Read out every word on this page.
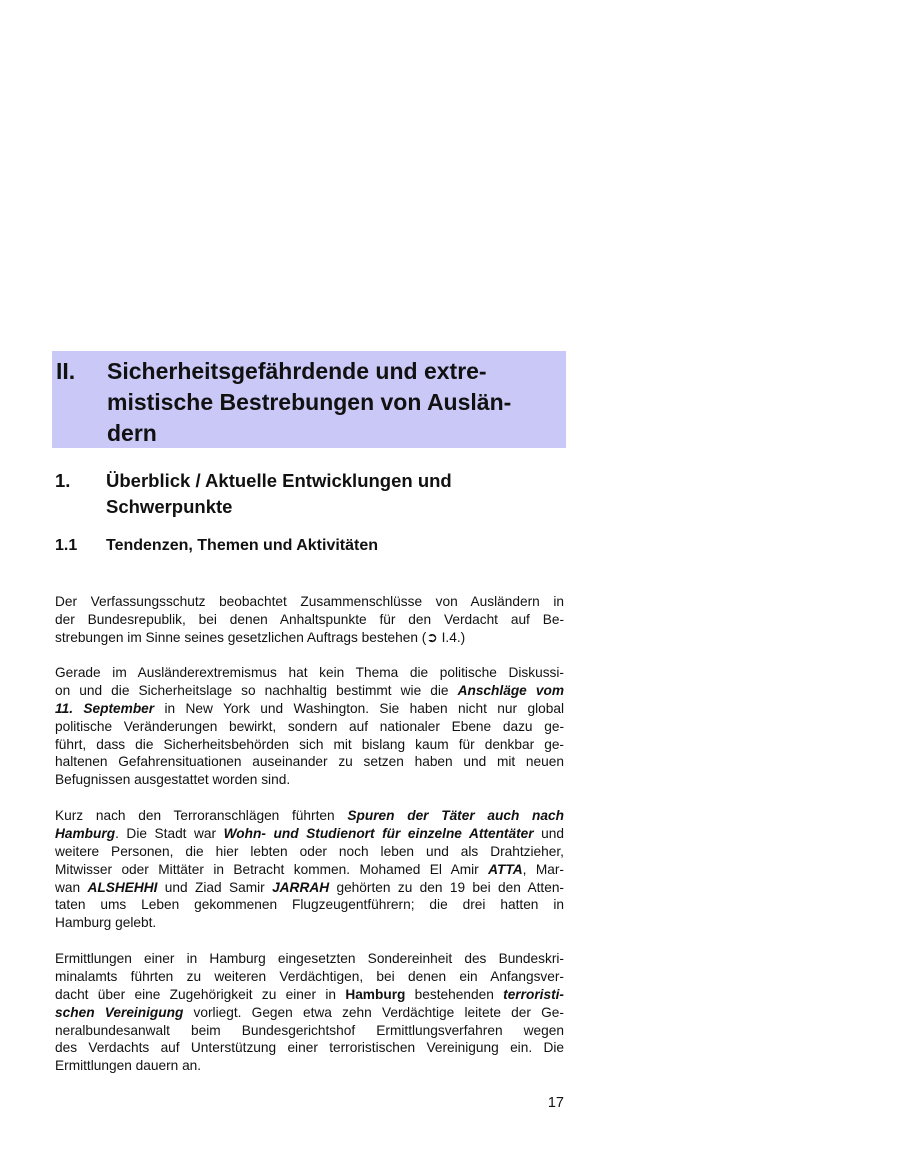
II. Sicherheitsgefährdende und extre-
mistische Bestrebungen von Auslän-
dern
1. Überblick / Aktuelle Entwicklungen und
Schwerpunkte
1.1 Tendenzen, Themen und Aktivitäten
Der Verfassungsschutz beobachtet Zusammenschlüsse von Ausländern in
der Bundesrepublik, bei denen Anhaltspunkte für den Verdacht auf Be-
strebungen im Sinne seines gesetzlichen Auftrags bestehen (➲ I.4.)
Gerade im Ausländerextremismus hat kein Thema die politische Diskussi-
on und die Sicherheitslage so nachhaltig bestimmt wie die Anschläge vom
11. September in New York und Washington. Sie haben nicht nur global
politische Veränderungen bewirkt, sondern auf nationaler Ebene dazu ge-
führt, dass die Sicherheitsbehörden sich mit bislang kaum für denkbar ge-
haltenen Gefahrensituationen auseinander zu setzen haben und mit neuen
Befugnissen ausgestattet worden sind.
Kurz nach den Terroranschlägen führten Spuren der Täter auch nach
Hamburg. Die Stadt war Wohn- und Studienort für einzelne Attentäter und
weitere Personen, die hier lebten oder noch leben und als Drahtzieher,
Mitwisser oder Mittäter in Betracht kommen. Mohamed El Amir ATTA, Mar-
wan ALSHEHHI und Ziad Samir JARRAH gehörten zu den 19 bei den Atten-
taten ums Leben gekommenen Flugzeugentführern; die drei hatten in
Hamburg gelebt.
Ermittlungen einer in Hamburg eingesetzten Sondereinheit des Bundeskri-
minalamts führten zu weiteren Verdächtigen, bei denen ein Anfangsver-
dacht über eine Zugehörigkeit zu einer in Hamburg bestehenden terroristi-
schen Vereinigung vorliegt. Gegen etwa zehn Verdächtige leitete der Ge-
neralbundesanwalt beim Bundesgerichtshof Ermittlungsverfahren wegen
des Verdachts auf Unterstützung einer terroristischen Vereinigung ein. Die
Ermittlungen dauern an.
17
